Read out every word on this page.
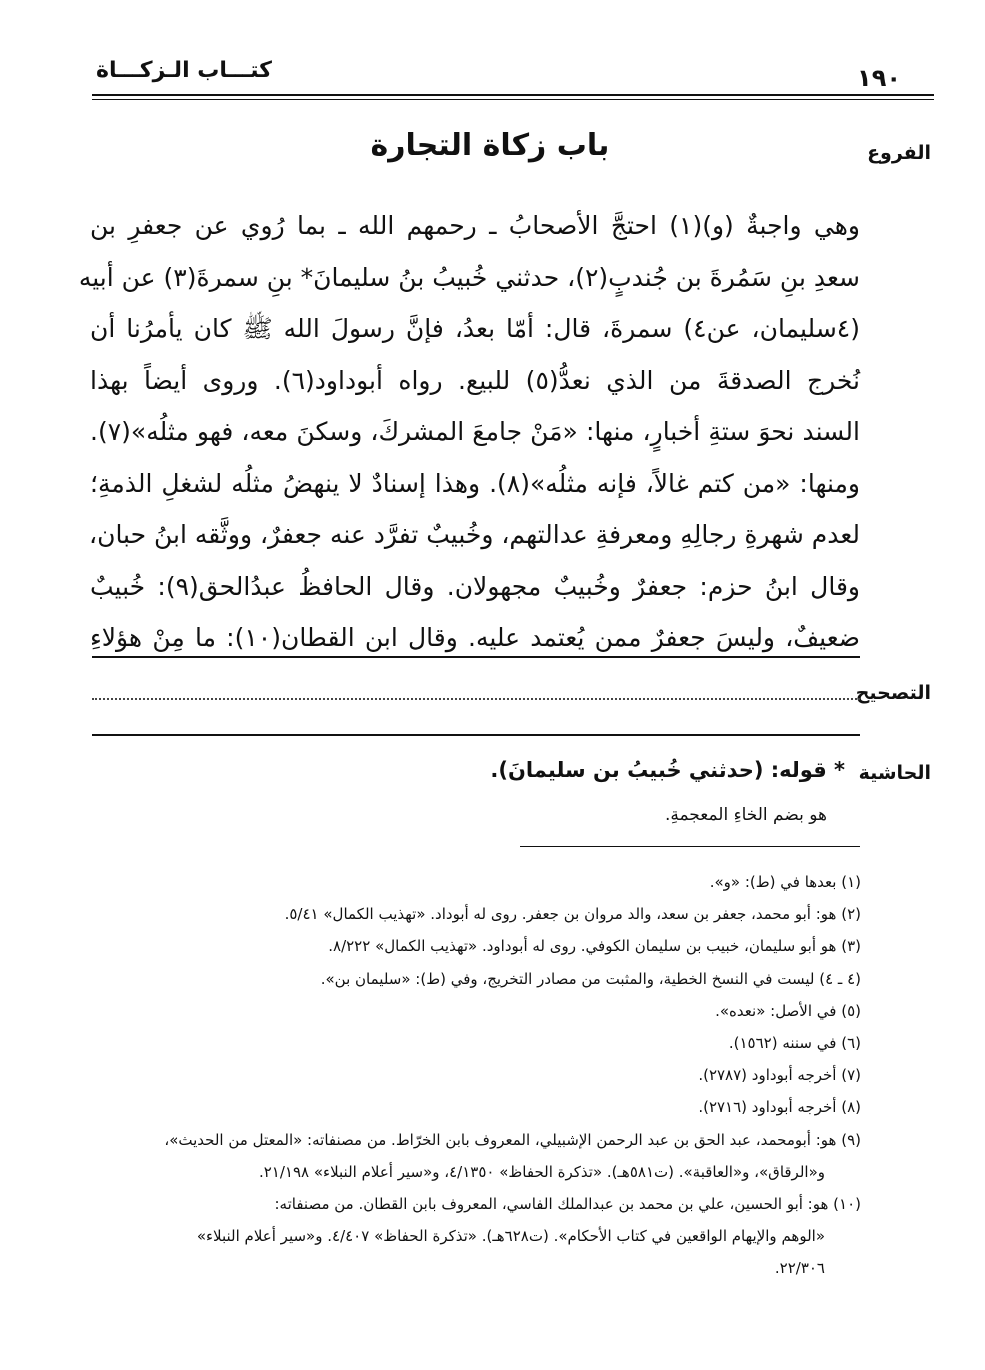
كتـــاب الـزكـــاة	١٩٠
الفروع
التصحيح
الحاشية
باب زكاة التجارة
وهي واجبةٌ (و)(١) احتجَّ الأصحابُ ـ رحمهم الله ـ بما رُوي عن جعفرِ بن
سعدِ بنِ سَمُرةَ بن جُندبٍ(٢)، حدثني خُبيبُ بنُ سليمانَ* بنِ سمرةَ(٣) عن أبيه
(٤سليمان، عن٤) سمرةَ، قال: أمّا بعدُ، فإنَّ رسولَ الله ﷺ كان يأمرُنا أن
نُخرج الصدقةَ من الذي نعدُّ(٥) للبيع. رواه أبوداود(٦). وروى أيضاً بهذا
السند نحوَ ستةِ أخبارٍ، منها: «مَنْ جامعَ المشركَ، وسكنَ معه، فهو مثلُه»(٧).
ومنها: «من كتم غالاً، فإنه مثلُه»(٨). وهذا إسنادٌ لا ينهضُ مثلُه لشغلِ الذمةِ؛
لعدم شهرةِ رجالِهِ ومعرفةِ عدالتهم، وخُبيبٌ تفرَّد عنه جعفرٌ، ووثَّقه ابنُ حبان،
وقال ابنُ حزم: جعفرٌ وخُبيبٌ مجهولان. وقال الحافظُ عبدُالحق(٩): خُبيبٌ
ضعيفٌ، وليسَ جعفرٌ ممن يُعتمد عليه. وقال ابن القطان(١٠): ما مِنْ هؤلاءِ
* قوله: (حدثني خُبيبُ بن سليمانَ).
هو بضم الخاءِ المعجمةِ.
(١) بعدها في (ط): «و».
(٢) هو: أبو محمد، جعفر بن سعد، والد مروان بن جعفر. روى له أبوداد. «تهذيب الكمال» ٥/٤١.
(٣) هو أبو سليمان، خبيب بن سليمان الكوفي. روى له أبوداود. «تهذيب الكمال» ٨/٢٢٢.
(٤ ـ ٤) ليست في النسخ الخطية، والمثبت من مصادر التخريج، وفي (ط): «سليمان بن».
(٥) في الأصل: «نعده».
(٦) في سننه (١٥٦٢).
(٧) أخرجه أبوداود (٢٧٨٧).
(٨) أخرجه أبوداود (٢٧١٦).
(٩) هو: أبومحمد، عبد الحق بن عبد الرحمن الإشبيلي، المعروف بابن الخرّاط. من مصنفاته: «المعتل من الحديث»،
و«الرقاق»، و«العاقبة». (ت٥٨١هـ). «تذكرة الحفاظ» ٤/١٣٥٠، و«سير أعلام النبلاء» ٢١/١٩٨.
(١٠) هو: أبو الحسين، علي بن محمد بن عبدالملك الفاسي، المعروف بابن القطان. من مصنفاته:
«الوهم والإيهام الواقعين في كتاب الأحكام». (ت٦٢٨هـ). «تذكرة الحفاظ» ٤/٤٠٧. و«سير أعلام النبلاء»
٢٢/٣٠٦.
